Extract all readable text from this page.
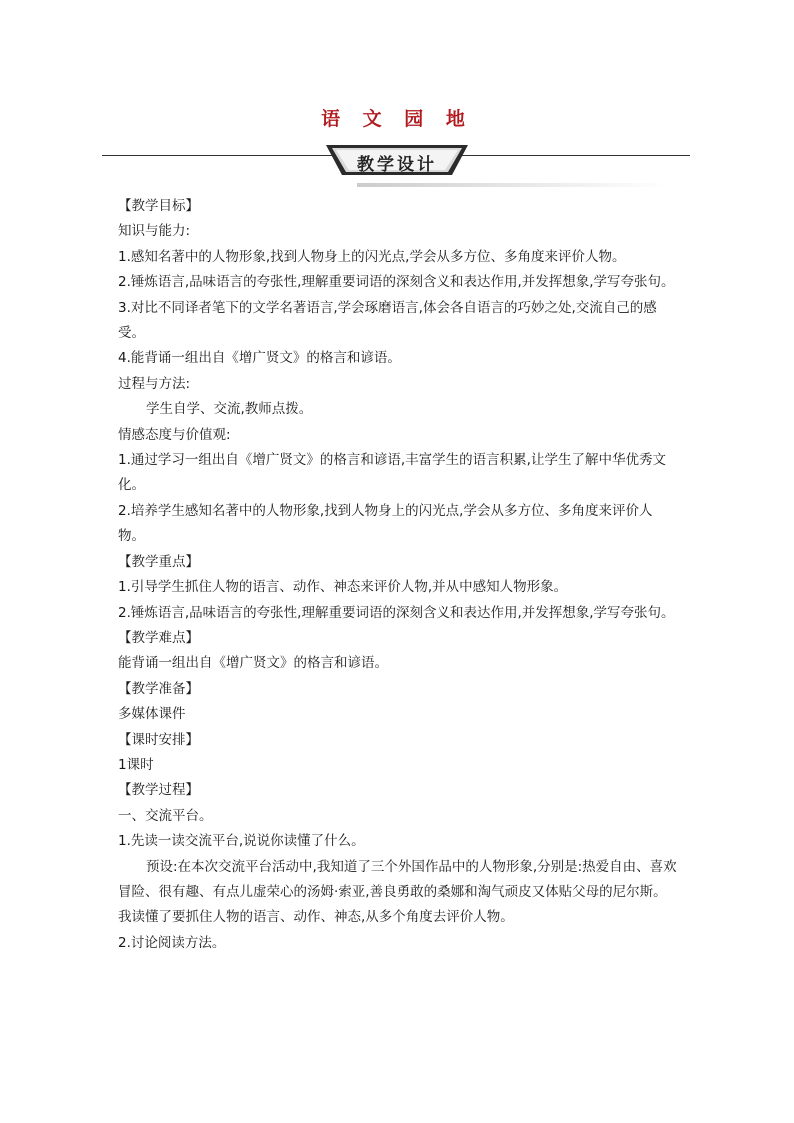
语 文 园 地
教学设计

【教学目标】

知识与能力:

1.感知名著中的人物形象,找到人物身上的闪光点,学会从多方位、多角度来评价人物。

2.锤炼语言,品味语言的夸张性,理解重要词语的深刻含义和表达作用,并发挥想象,学写夸张句。

3.对比不同译者笔下的文学名著语言,学会琢磨语言,体会各自语言的巧妙之处,交流自己的感受。

4.能背诵一组出自《增广贤文》的格言和谚语。

过程与方法:

学生自学、交流,教师点拨。

情感态度与价值观:

1.通过学习一组出自《增广贤文》的格言和谚语,丰富学生的语言积累,让学生了解中华优秀文化。

2.培养学生感知名著中的人物形象,找到人物身上的闪光点,学会从多方位、多角度来评价人物。

【教学重点】

1.引导学生抓住人物的语言、动作、神态来评价人物,并从中感知人物形象。

2.锤炼语言,品味语言的夸张性,理解重要词语的深刻含义和表达作用,并发挥想象,学写夸张句。

【教学难点】

能背诵一组出自《增广贤文》的格言和谚语。

【教学准备】

多媒体课件

【课时安排】

1课时

【教学过程】

一、交流平台。

1.先读一读交流平台,说说你读懂了什么。

预设:在本次交流平台活动中,我知道了三个外国作品中的人物形象,分别是:热爱自由、喜欢冒险、很有趣、有点儿虚荣心的汤姆·索亚,善良勇敢的桑娜和淘气顽皮又体贴父母的尼尔斯。我读懂了要抓住人物的语言、动作、神态,从多个角度去评价人物。

2.讨论阅读方法。
